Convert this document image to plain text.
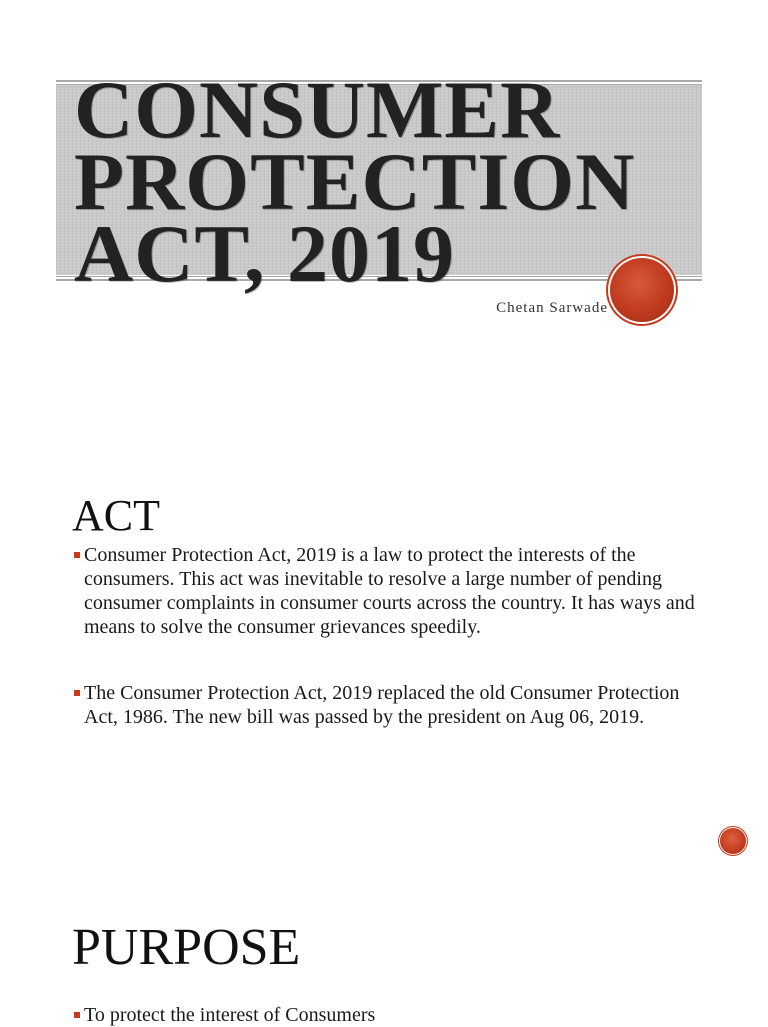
CONSUMER
PROTECTION
ACT, 2019
Chetan Sarwade
ACT
Consumer Protection Act, 2019 is a law to protect the interests of the consumers. This act was inevitable to resolve a large number of pending consumer complaints in consumer courts across the country. It has ways and means to solve the consumer grievances speedily.
The Consumer Protection Act, 2019 replaced the old Consumer Protection Act, 1986. The new bill was passed by the president on Aug 06, 2019.
PURPOSE
To protect the interest of Consumers
